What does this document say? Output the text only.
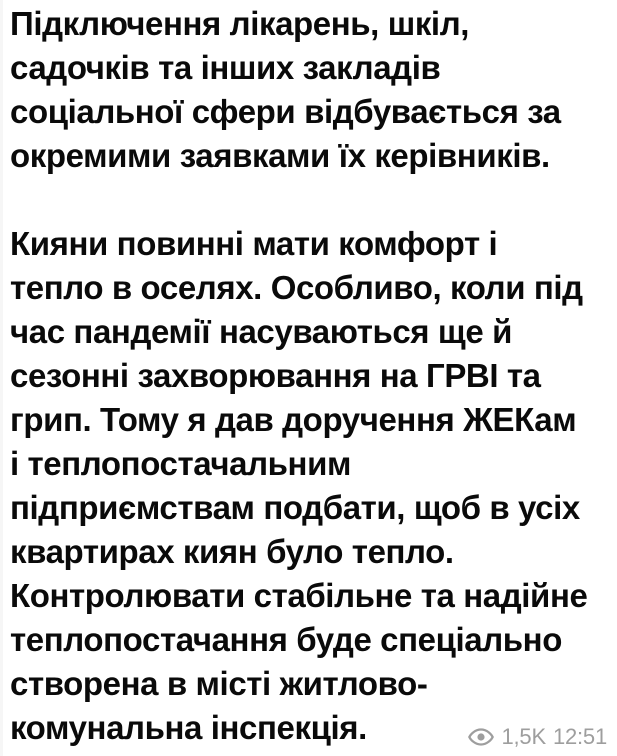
Підключення лікарень, шкіл,
садочків та інших закладів
соціальної сфери відбувається за
окремими заявками їх керівників.
Кияни повинні мати комфорт і
тепло в оселях. Особливо, коли під
час пандемії насуваються ще й
сезонні захворювання на ГРВІ та
грип. Тому я дав доручення ЖЕКам
і теплопостачальним
підприємствам подбати, щоб в усіх
квартирах киян було тепло.
Контролювати стабільне та надійне
теплопостачання буде спеціально
створена в місті житлово-
комунальна інспекція.	1,5K 12:51
